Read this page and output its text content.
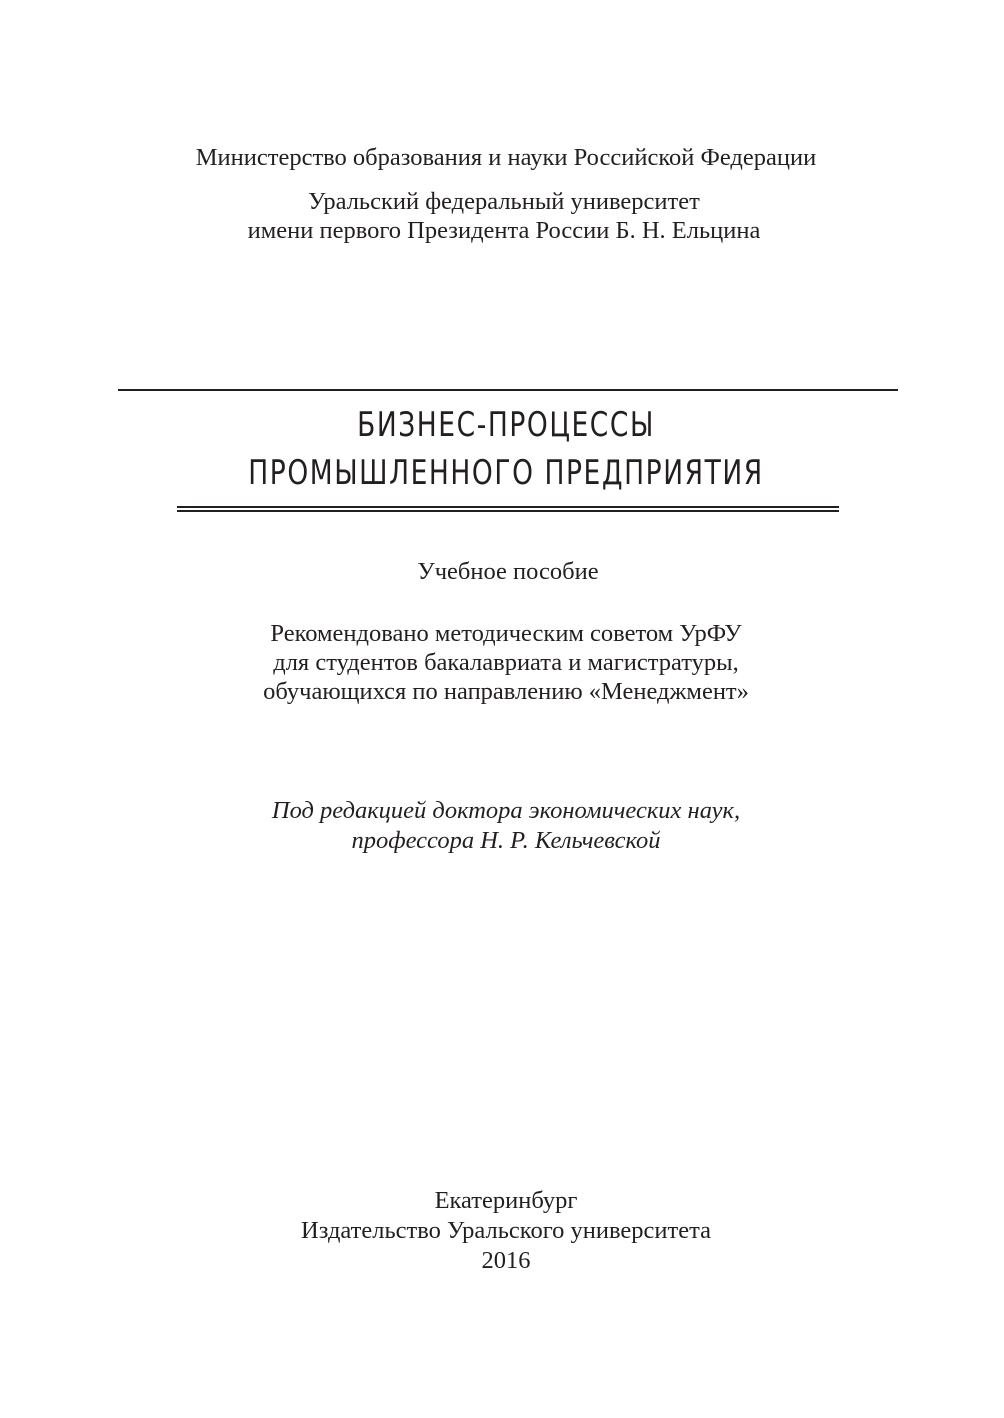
Министерство образования и науки Российской Федерации
Уральский федеральный университет
имени первого Президента России Б. Н. Ельцина
БИЗНЕС-ПРОЦЕССЫ
ПРОМЫШЛЕННОГО ПРЕДПРИЯТИЯ
Учебное пособие
Рекомендовано методическим советом УрФУ
для студентов бакалавриата и магистратуры,
обучающихся по направлению «Менеджмент»
Под редакцией доктора экономических наук,
профессора Н. Р. Кельчевской
Екатеринбург
Издательство Уральского университета
2016
